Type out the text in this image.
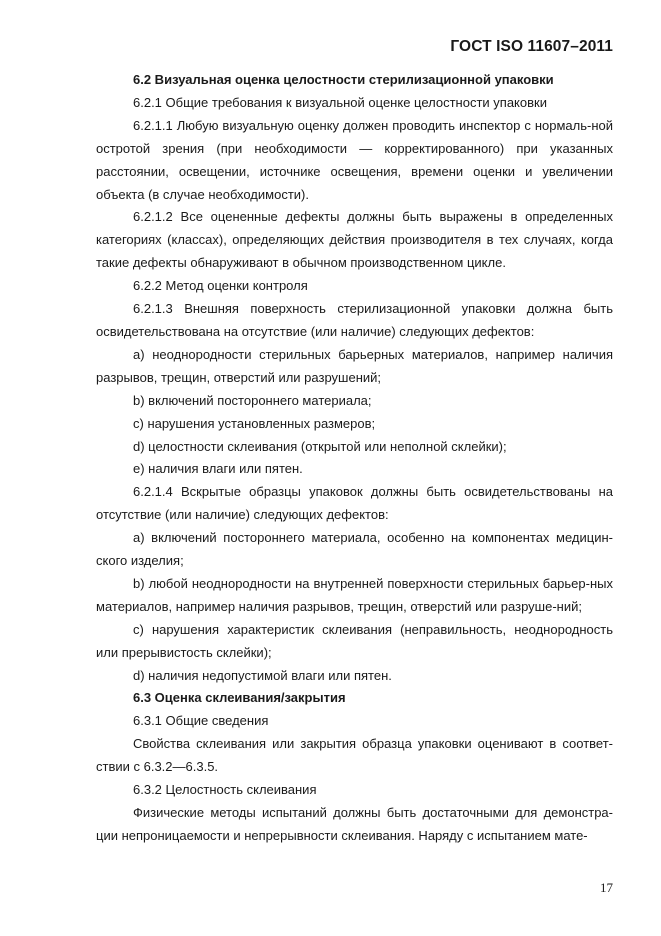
ГОСТ ISO 11607–2011

6.2 Визуальная оценка целостности стерилизационной упаковки

6.2.1 Общие требования к визуальной оценке целостности упаковки

6.2.1.1 Любую визуальную оценку должен проводить инспектор с нормаль-ной остротой зрения (при необходимости — корректированного) при указанных расстоянии, освещении, источнике освещения, времени оценки и увеличении объекта (в случае необходимости).

6.2.1.2 Все оцененные дефекты должны быть выражены в определенных категориях (классах), определяющих действия производителя в тех случаях, когда такие дефекты обнаруживают в обычном производственном цикле.

6.2.2 Метод оценки контроля

6.2.1.3 Внешняя поверхность стерилизационной упаковки должна быть освидетельствована на отсутствие (или наличие) следующих дефектов:

а) неоднородности стерильных барьерных материалов, например наличия разрывов, трещин, отверстий или разрушений;

b) включений постороннего материала;

c) нарушения установленных размеров;

d) целостности склеивания (открытой или неполной склейки);

e) наличия влаги или пятен.

6.2.1.4 Вскрытые образцы упаковок должны быть освидетельствованы на отсутствие (или наличие) следующих дефектов:

а) включений постороннего материала, особенно на компонентах медицин-ского изделия;

b) любой неоднородности на внутренней поверхности стерильных барьер-ных материалов, например наличия разрывов, трещин, отверстий или разруше-ний;

c) нарушения характеристик склеивания (неправильность, неоднородность или прерывистость склейки);

d) наличия недопустимой влаги или пятен.

6.3 Оценка склеивания/закрытия

6.3.1 Общие сведения

Свойства склеивания или закрытия образца упаковки оценивают в соответ-ствии с 6.3.2—6.3.5.

6.3.2 Целостность склеивания

Физические методы испытаний должны быть достаточными для демонстра-ции непроницаемости и непрерывности склеивания. Наряду с испытанием мате-

17
